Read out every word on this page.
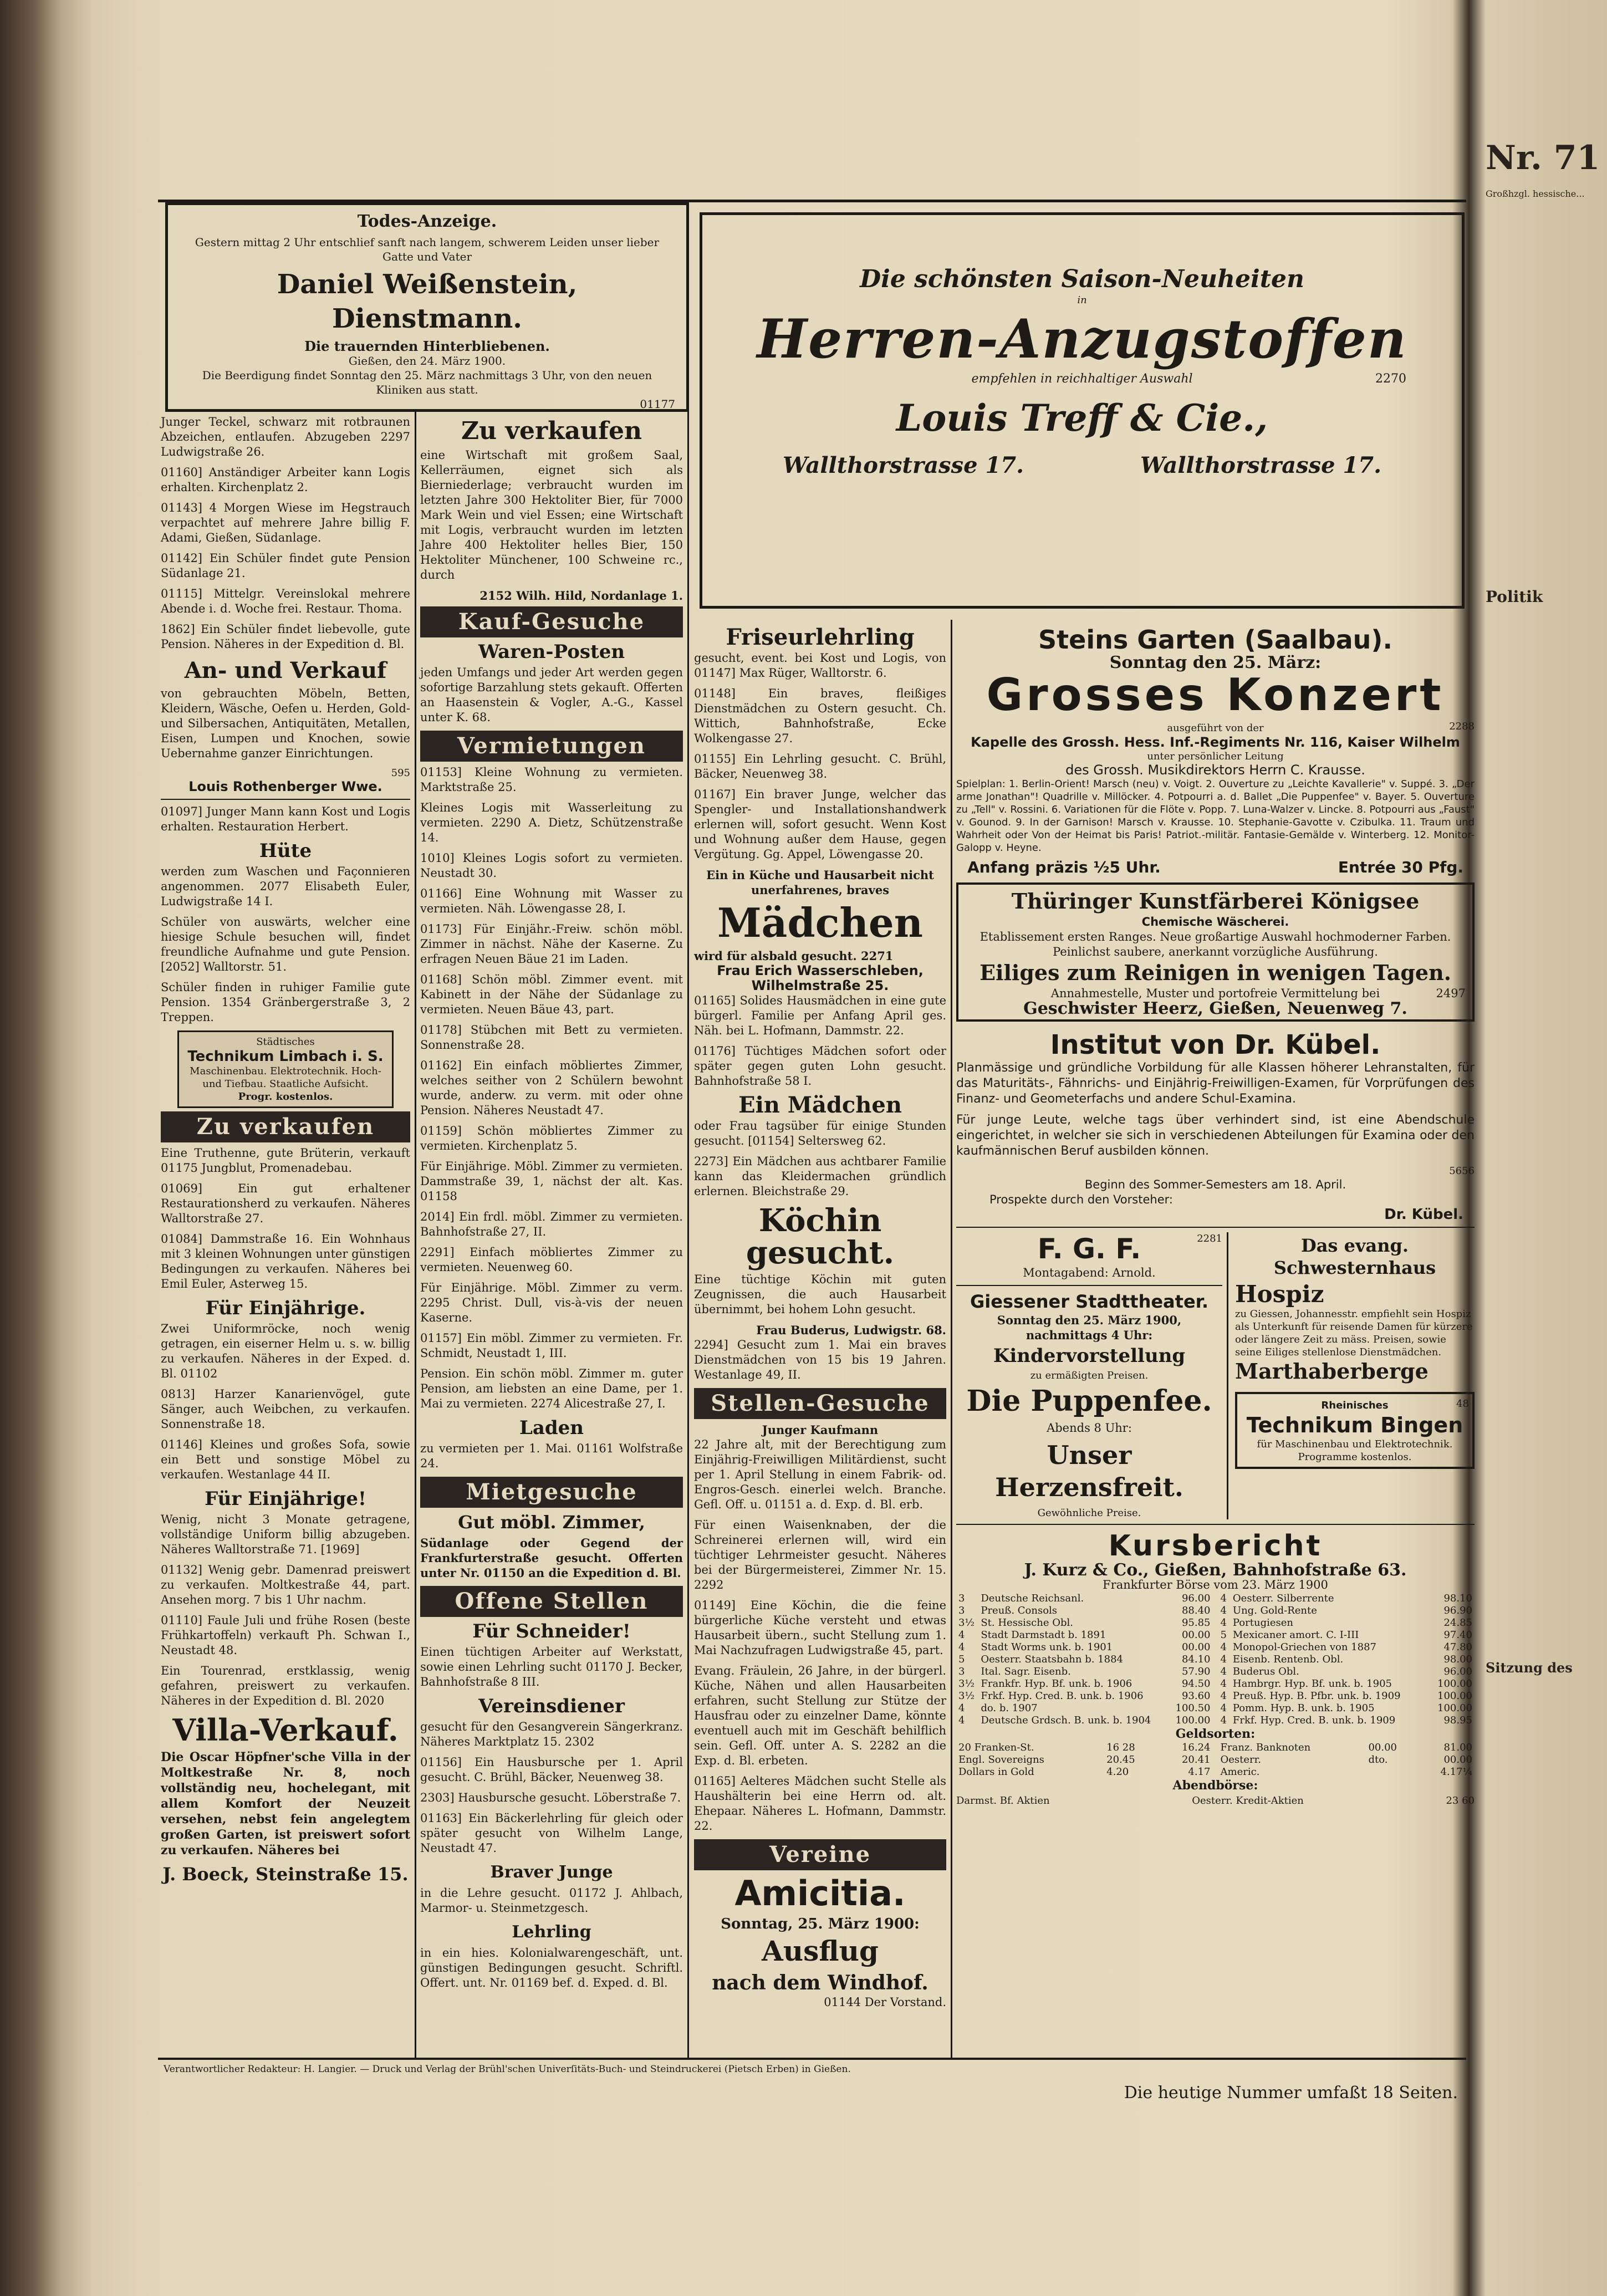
Todes-Anzeige.
Gestern mittag 2 Uhr entschlief sanft nach langem, schwerem Leiden unser lieber Gatte und Vater
Daniel Weißenstein, Dienstmann.
Die trauernden Hinterbliebenen.
Gießen, den 24. März 1900.
Die Beerdigung findet Sonntag den 25. März nachmittags 3 Uhr, von den neuen Kliniken aus statt.
01177
Junger Teckel, schwarz mit rotbraunen Abzeichen, entlaufen. Abzugeben 2297 Ludwigstraße 26.
01160] Anständiger Arbeiter kann Logis erhalten. Kirchenplatz 2.
01143] 4 Morgen Wiese im Hegstrauch verpachtet auf mehrere Jahre billig F. Adami, Gießen, Südanlage.
01142] Ein Schüler findet gute Pension Südanlage 21.
01115] Mittelgr. Vereinslokal mehrere Abende i. d. Woche frei. Restaur. Thoma.
1862] Ein Schüler findet liebevolle, gute Pension. Näheres in der Expedition d. Bl.
An- und Verkauf
von gebrauchten Möbeln, Betten, Kleidern, Wäsche, Oefen u. Herden, Gold- und Silbersachen, Antiquitäten, Metallen, Eisen, Lumpen und Knochen, sowie Uebernahme ganzer Einrichtungen.
595
Louis Rothenberger Wwe.
01097] Junger Mann kann Kost und Logis erhalten. Restauration Herbert.
Hüte
werden zum Waschen und Façonnieren angenommen. 2077 Elisabeth Euler, Ludwigstraße 14 I.
Schüler von auswärts, welcher eine hiesige Schule besuchen will, findet freundliche Aufnahme und gute Pension. [2052] Walltorstr. 51.
Schüler finden in ruhiger Familie gute Pension. 1354 Gränbergerstraße 3, 2 Treppen.
Städtisches
Technikum Limbach i. S.
Maschinenbau. Elektrotechnik. Hoch- und Tiefbau. Staatliche Aufsicht.
Progr. kostenlos.
Zu verkaufen
Eine Truthenne, gute Brüterin, verkauft 01175 Jungblut, Promenadebau.
01069] Ein gut erhaltener Restaurationsherd zu verkaufen. Näheres Walltorstraße 27.
01084] Dammstraße 16. Ein Wohnhaus mit 3 kleinen Wohnungen unter günstigen Bedingungen zu verkaufen. Näheres bei Emil Euler, Asterweg 15.
Für Einjährige.
Zwei Uniformröcke, noch wenig getragen, ein eiserner Helm u. s. w. billig zu verkaufen. Näheres in der Exped. d. Bl. 01102
0813] Harzer Kanarienvögel, gute Sänger, auch Weibchen, zu verkaufen. Sonnenstraße 18.
01146] Kleines und großes Sofa, sowie ein Bett und sonstige Möbel zu verkaufen. Westanlage 44 II.
Für Einjährige!
Wenig, nicht 3 Monate getragene, vollständige Uniform billig abzugeben. Näheres Walltorstraße 71. [1969]
01132] Wenig gebr. Damenrad preiswert zu verkaufen. Moltkestraße 44, part. Ansehen morg. 7 bis 1 Uhr nachm.
01110] Faule Juli und frühe Rosen (beste Frühkartoffeln) verkauft Ph. Schwan I., Neustadt 48.
Ein Tourenrad, erstklassig, wenig gefahren, preiswert zu verkaufen. Näheres in der Expedition d. Bl. 2020
Villa-Verkauf.
Die Oscar Höpfner'sche Villa in der Moltkestraße Nr. 8, noch vollständig neu, hochelegant, mit allem Komfort der Neuzeit versehen, nebst fein angelegtem großen Garten, ist preiswert sofort zu verkaufen. Näheres bei
J. Boeck, Steinstraße 15.
Zu verkaufen
eine Wirtschaft mit großem Saal, Kellerräumen, eignet sich als Bierniederlage; verbraucht wurden im letzten Jahre 300 Hektoliter Bier, für 7000 Mark Wein und viel Essen; eine Wirtschaft mit Logis, verbraucht wurden im letzten Jahre 400 Hektoliter helles Bier, 150 Hektoliter Münchener, 100 Schweine rc., durch
2152 Wilh. Hild, Nordanlage 1.
Kauf-Gesuche
Waren-Posten
jeden Umfangs und jeder Art werden gegen sofortige Barzahlung stets gekauft. Offerten an Haasenstein & Vogler, A.-G., Kassel unter K. 68.
Vermietungen
01153] Kleine Wohnung zu vermieten. Marktstraße 25.
Kleines Logis mit Wasserleitung zu vermieten. 2290 A. Dietz, Schützenstraße 14.
1010] Kleines Logis sofort zu vermieten. Neustadt 30.
01166] Eine Wohnung mit Wasser zu vermieten. Näh. Löwengasse 28, I.
01173] Für Einjähr.-Freiw. schön möbl. Zimmer in nächst. Nähe der Kaserne. Zu erfragen Neuen Bäue 21 im Laden.
01168] Schön möbl. Zimmer event. mit Kabinett in der Nähe der Südanlage zu vermieten. Neuen Bäue 43, part.
01178] Stübchen mit Bett zu vermieten. Sonnenstraße 28.
01162] Ein einfach möbliertes Zimmer, welches seither von 2 Schülern bewohnt wurde, anderw. zu verm. mit oder ohne Pension. Näheres Neustadt 47.
01159] Schön möbliertes Zimmer zu vermieten. Kirchenplatz 5.
Für Einjährige. Möbl. Zimmer zu vermieten. Dammstraße 39, 1, nächst der alt. Kas. 01158
2014] Ein frdl. möbl. Zimmer zu vermieten. Bahnhofstraße 27, II.
2291] Einfach möbliertes Zimmer zu vermieten. Neuenweg 60.
Für Einjährige. Möbl. Zimmer zu verm. 2295 Christ. Dull, vis-à-vis der neuen Kaserne.
01157] Ein möbl. Zimmer zu vermieten. Fr. Schmidt, Neustadt 1, III.
Pension. Ein schön möbl. Zimmer m. guter Pension, am liebsten an eine Dame, per 1. Mai zu vermieten. 2274 Alicestraße 27, I.
Laden
zu vermieten per 1. Mai. 01161 Wolfstraße 24.
Mietgesuche
Gut möbl. Zimmer,
Südanlage oder Gegend der Frankfurterstraße gesucht. Offerten unter Nr. 01150 an die Expedition d. Bl.
Offene Stellen
Für Schneider!
Einen tüchtigen Arbeiter auf Werkstatt, sowie einen Lehrling sucht 01170 J. Becker, Bahnhofstraße 8 III.
Vereinsdiener
gesucht für den Gesangverein Sängerkranz. Näheres Marktplatz 15. 2302
01156] Ein Hausbursche per 1. April gesucht. C. Brühl, Bäcker, Neuenweg 38.
2303] Hausbursche gesucht. Löberstraße 7.
01163] Ein Bäckerlehrling für gleich oder später gesucht von Wilhelm Lange, Neustadt 47.
Braver Junge
in die Lehre gesucht. 01172 J. Ahlbach, Marmor- u. Steinmetzgesch.
Lehrling
in ein hies. Kolonialwarengeschäft, unt. günstigen Bedingungen gesucht. Schriftl. Offert. unt. Nr. 01169 bef. d. Exped. d. Bl.
Die schönsten Saison-Neuheiten
in
Herren-Anzugstoffen
empfehlen in reichhaltiger Auswahl	2270
Louis Treff & Cie.,
Wallthorstrasse 17.	Wallthorstrasse 17.
Friseurlehrling
gesucht, event. bei Kost und Logis, von 01147] Max Rüger, Walltorstr. 6.
01148] Ein braves, fleißiges Dienstmädchen zu Ostern gesucht. Ch. Wittich, Bahnhofstraße, Ecke Wolkengasse 27.
01155] Ein Lehrling gesucht. C. Brühl, Bäcker, Neuenweg 38.
01167] Ein braver Junge, welcher das Spengler- und Installationshandwerk erlernen will, sofort gesucht. Wenn Kost und Wohnung außer dem Hause, gegen Vergütung. Gg. Appel, Löwengasse 20.
Ein in Küche und Hausarbeit nicht unerfahrenes, braves
Mädchen
wird für alsbald gesucht. 2271
Frau Erich Wasserschleben, Wilhelmstraße 25.
01165] Solides Hausmädchen in eine gute bürgerl. Familie per Anfang April ges. Näh. bei L. Hofmann, Dammstr. 22.
01176] Tüchtiges Mädchen sofort oder später gegen guten Lohn gesucht. Bahnhofstraße 58 I.
Ein Mädchen
oder Frau tagsüber für einige Stunden gesucht. [01154] Seltersweg 62.
2273] Ein Mädchen aus achtbarer Familie kann das Kleidermachen gründlich erlernen. Bleichstraße 29.
Köchin gesucht.
Eine tüchtige Köchin mit guten Zeugnissen, die auch Hausarbeit übernimmt, bei hohem Lohn gesucht.
Frau Buderus, Ludwigstr. 68.
2294] Gesucht zum 1. Mai ein braves Dienstmädchen von 15 bis 19 Jahren. Westanlage 49, II.
Stellen-Gesuche
Junger Kaufmann
22 Jahre alt, mit der Berechtigung zum Einjährig-Freiwilligen Militärdienst, sucht per 1. April Stellung in einem Fabrik- od. Engros-Gesch. einerlei welch. Branche. Gefl. Off. u. 01151 a. d. Exp. d. Bl. erb.
Für einen Waisenknaben, der die Schreinerei erlernen will, wird ein tüchtiger Lehrmeister gesucht. Näheres bei der Bürgermeisterei, Zimmer Nr. 15. 2292
01149] Eine Köchin, die die feine bürgerliche Küche versteht und etwas Hausarbeit übern., sucht Stellung zum 1. Mai Nachzufragen Ludwigstraße 45, part.
Evang. Fräulein, 26 Jahre, in der bürgerl. Küche, Nähen und allen Hausarbeiten erfahren, sucht Stellung zur Stütze der Hausfrau oder zu einzelner Dame, könnte eventuell auch mit im Geschäft behilflich sein. Gefl. Off. unter A. S. 2282 an die Exp. d. Bl. erbeten.
01165] Aelteres Mädchen sucht Stelle als Haushälterin bei eine Herrn od. alt. Ehepaar. Näheres L. Hofmann, Dammstr. 22.
Vereine
Amicitia.
Sonntag, 25. März 1900:
Ausflug
nach dem Windhof.
01144 Der Vorstand.
Steins Garten (Saalbau).
Sonntag den 25. März:
Grosses Konzert
ausgeführt von der	2288
Kapelle des Grossh. Hess. Inf.-Regiments Nr. 116, Kaiser Wilhelm
unter persönlicher Leitung
des Grossh. Musikdirektors Herrn C. Krausse.
Spielplan: 1. Berlin-Orient! Marsch (neu) v. Voigt. 2. Ouverture zu „Leichte Kavallerie" v. Suppé. 3. „Der arme Jonathan"! Quadrille v. Millöcker. 4. Potpourri a. d. Ballet „Die Puppenfee" v. Bayer. 5. Ouverture zu „Tell" v. Rossini. 6. Variationen für die Flöte v. Popp. 7. Luna-Walzer v. Lincke. 8. Potpourri aus „Faust" v. Gounod. 9. In der Garnison! Marsch v. Krausse. 10. Stephanie-Gavotte v. Czibulka. 11. Traum und Wahrheit oder Von der Heimat bis Paris! Patriot.-militär. Fantasie-Gemälde v. Winterberg. 12. Monitor-Galopp v. Heyne.
Anfang präzis ½5 Uhr.	Entrée 30 Pfg.
Thüringer Kunstfärberei Königsee
Chemische Wäscherei.
Etablissement ersten Ranges. Neue großartige Auswahl hochmoderner Farben. Peinlichst saubere, anerkannt vorzügliche Ausführung.
Eiliges zum Reinigen in wenigen Tagen.
Annahmestelle, Muster und portofreie Vermittelung bei	2497
Geschwister Heerz, Gießen, Neuenweg 7.
Institut von Dr. Kübel.
Planmässige und gründliche Vorbildung für alle Klassen höherer Lehranstalten, für das Maturitäts-, Fähnrichs- und Einjährig-Freiwilligen-Examen, für Vorprüfungen des Finanz- und Geometerfachs und andere Schul-Examina.
Für junge Leute, welche tags über verhindert sind, ist eine Abendschule eingerichtet, in welcher sie sich in verschiedenen Abteilungen für Examina oder den kaufmännischen Beruf ausbilden können.
5656
Beginn des Sommer-Semesters am 18. April.
Prospekte durch den Vorsteher:
Dr. Kübel.
F. G. F.	2281
Montagabend: Arnold.
Giessener Stadttheater.
Sonntag den 25. März 1900, nachmittags 4 Uhr:
Kindervorstellung
zu ermäßigten Preisen.
Die Puppenfee.
Abends 8 Uhr:
Unser Herzensfreit.
Gewöhnliche Preise.
Das evang. Schwesternhaus
Hospiz
zu Giessen, Johannesstr. empfiehlt sein Hospiz als Unterkunft für reisende Damen für kürzere oder längere Zeit zu mäss. Preisen, sowie seine Eiliges stellenlose Dienstmädchen.
Marthaberberge
Rheinisches	48
Technikum Bingen
für Maschinenbau und Elektrotechnik.
Programme kostenlos.
Kursbericht
J. Kurz & Co., Gießen, Bahnhofstraße 63.
Frankfurter Börse vom 23. März 1900
3	Deutsche Reichsanl.	96.00
3	Preuß. Consols	88.40
3½	St. Hessische Obl.	95.85
4	Stadt Darmstadt b. 1891	00.00
4	Stadt Worms unk. b. 1901	00.00
5	Oesterr. Staatsbahn b. 1884	84.10
3	Ital. Sagr. Eisenb.	57.90
3½	Frankfr. Hyp. Bf. unk. b. 1906	94.50
3½	Frkf. Hyp. Cred. B. unk. b. 1906	93.60
4	do. b. 1907	100.50
4	Deutsche Grdsch. B. unk. b. 1904	100.00
4	Oesterr. Silberrente	98.10
4	Ung. Gold-Rente	96.90
4	Portugiesen	24.85
5	Mexicaner amort. C. I-III	97.40
4	Monopol-Griechen von 1887	47.80
4	Eisenb. Rentenb. Obl.	98.00
4	Buderus Obl.	96.00
4	Hambrgr. Hyp. Bf. unk. b. 1905	100.00
4	Preuß. Hyp. B. Pfbr. unk. b. 1909	100.00
4	Pomm. Hyp. B. unk. b. 1905	100.00
4	Frkf. Hyp. Cred. B. unk. b. 1909	98.95
Geldsorten:
20 Franken-St.	16 28	16.24
Engl. Sovereigns	20.45	20.41
Dollars in Gold	4.20	4.17
Franz. Banknoten	00.00	81.00
Oesterr.	dto.	00.00
Americ.		4.17¼
Abendbörse:
Darmst. Bf. Aktien	Oesterr. Kredit-Aktien	23 60
Verantwortlicher Redakteur: H. Langier. — Druck und Verlag der Brühl'schen Univerſitäts-Buch- und Steindruckerei (Pietsch Erben) in Gießen.
Die heutige Nummer umfaßt 18 Seiten.
Nr. 71
Großhzgl. hessische...
Politik
Sitzung des
